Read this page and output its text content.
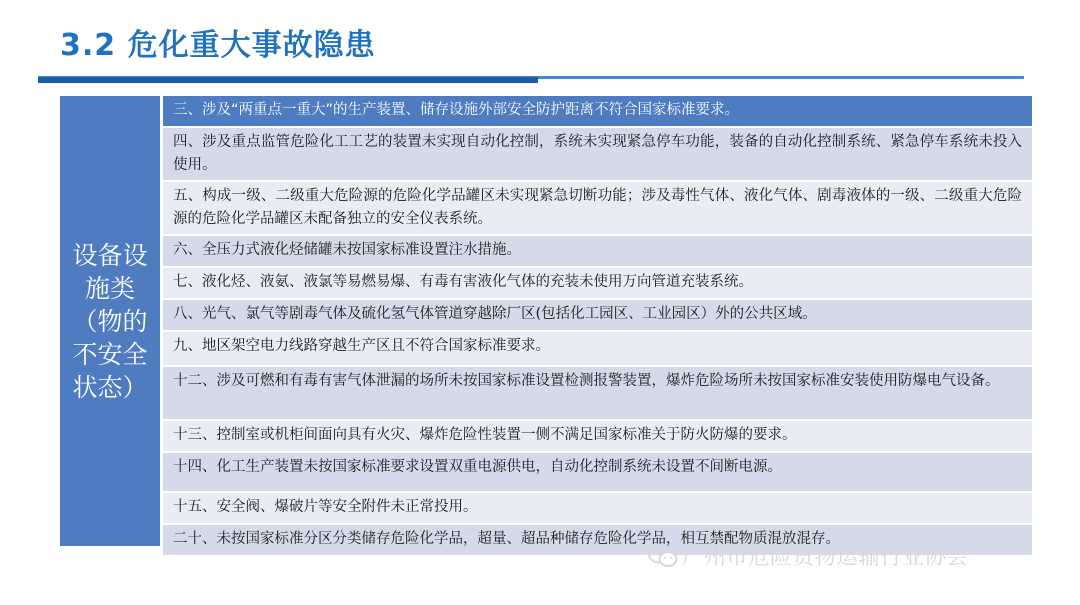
3.2 危化重大事故隐患
设备设施类（物的不安全状态）
三、涉及“两重点一重大”的生产装置、储存设施外部安全防护距离不符合国家标准要求。
四、涉及重点监管危险化工工艺的装置未实现自动化控制，系统未实现紧急停车功能，装备的自动化控制系统、紧急停车系统未投入使用。
五、构成一级、二级重大危险源的危险化学品罐区未实现紧急切断功能；涉及毒性气体、液化气体、剧毒液体的一级、二级重大危险源的危险化学品罐区未配备独立的安全仪表系统。
六、全压力式液化烃储罐未按国家标准设置注水措施。
七、液化烃、液氨、液氯等易燃易爆、有毒有害液化气体的充装未使用万向管道充装系统。
八、光气、氯气等剧毒气体及硫化氢气体管道穿越除厂区(包括化工园区、工业园区）外的公共区域。
九、地区架空电力线路穿越生产区且不符合国家标准要求。
十二、涉及可燃和有毒有害气体泄漏的场所未按国家标准设置检测报警装置，爆炸危险场所未按国家标准安装使用防爆电气设备。
十三、控制室或机柜间面向具有火灾、爆炸危险性装置一侧不满足国家标准关于防火防爆的要求。
十四、化工生产装置未按国家标准要求设置双重电源供电，自动化控制系统未设置不间断电源。
十五、安全阀、爆破片等安全附件未正常投用。
二十、未按国家标准分区分类储存危险化学品，超量、超品种储存危险化学品，相互禁配物质混放混存。
广州市危险货物运输行业协会
